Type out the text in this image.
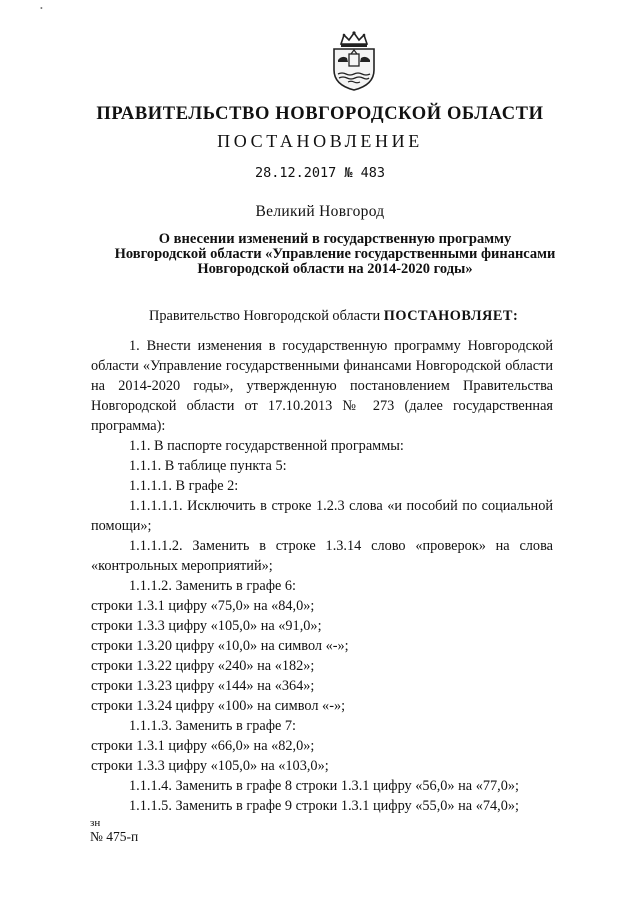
•
ПРАВИТЕЛЬСТВО НОВГОРОДСКОЙ ОБЛАСТИ
ПОСТАНОВЛЕНИЕ
28.12.2017 № 483
Великий Новгород
О внесении изменений в государственную программу
Новгородской области «Управление государственными финансами
Новгородской области на 2014-2020 годы»

Правительство Новгородской области ПОСТАНОВЛЯЕТ:

1. Внести изменения в государственную программу Новгородской области «Управление государственными финансами Новгородской области на 2014-2020 годы», утвержденную постановлением Правительства Новгородской области от 17.10.2013 № 273 (далее государственная программа):

1.1. В паспорте государственной программы:

1.1.1. В таблице пункта 5:

1.1.1.1. В графе 2:

1.1.1.1.1. Исключить в строке 1.2.3 слова «и пособий по социальной помощи»;

1.1.1.1.2. Заменить в строке 1.3.14 слово «проверок» на слова «контрольных мероприятий»;

1.1.1.2. Заменить в графе 6:

строки 1.3.1 цифру «75,0» на «84,0»;

строки 1.3.3 цифру «105,0» на «91,0»;

строки 1.3.20 цифру «10,0» на символ «-»;

строки 1.3.22 цифру «240» на «182»;

строки 1.3.23 цифру «144» на «364»;

строки 1.3.24 цифру «100» на символ «-»;

1.1.1.3. Заменить в графе 7:

строки 1.3.1 цифру «66,0» на «82,0»;

строки 1.3.3 цифру «105,0» на «103,0»;

1.1.1.4. Заменить в графе 8 строки 1.3.1 цифру «56,0» на «77,0»;

1.1.1.5. Заменить в графе 9 строки 1.3.1 цифру «55,0» на «74,0»;

зн
№ 475-п
